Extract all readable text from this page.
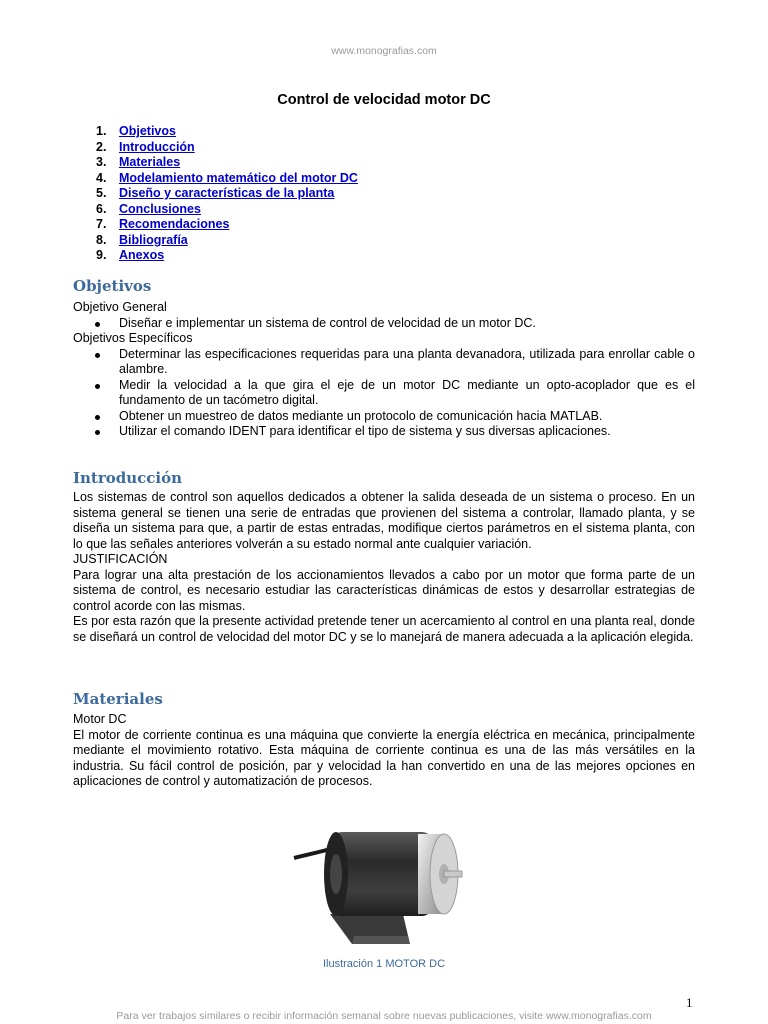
www.monografias.com
Control de velocidad motor DC
1.	Objetivos
2.	Introducción
3.	Materiales
4.	Modelamiento matemático del motor DC
5.	Diseño y características de la planta
6.	Conclusiones
7.	Recomendaciones
8.	Bibliografía
9.	Anexos
Objetivos

Objetivo General

Diseñar e implementar un sistema de control de velocidad de un motor DC.

Objetivos Específicos

Determinar las especificaciones requeridas para una planta devanadora, utilizada para enrollar cable o alambre.
Medir la velocidad a la que gira el eje de un motor DC mediante un opto-acoplador que es el fundamento de un tacómetro digital.
Obtener un muestreo de datos mediante un protocolo de comunicación hacia MATLAB.
Utilizar el comando IDENT para identificar el tipo de sistema y sus diversas aplicaciones.
Introducción

Los sistemas de control son aquellos dedicados a obtener la salida deseada de un sistema o proceso. En un sistema general se tienen una serie de entradas que provienen del sistema a controlar, llamado planta, y se diseña un sistema para que, a partir de estas entradas, modifique ciertos parámetros en el sistema planta, con lo que las señales anteriores volverán a su estado normal ante cualquier variación.

JUSTIFICACIÓN

Para lograr una alta prestación de los accionamientos llevados a cabo por un motor que forma parte de un sistema de control, es necesario estudiar las características dinámicas de estos y desarrollar estrategias de control acorde con las mismas.

Es por esta razón que la presente actividad pretende tener un acercamiento al control en una planta real, donde se diseñará un control de velocidad del motor DC y se lo manejará de manera adecuada a la aplicación elegida.

Materiales

Motor DC

El motor de corriente continua es una máquina que convierte la energía eléctrica en mecánica, principalmente mediante el movimiento rotativo. Esta máquina de corriente continua es una de las más versátiles en la industria. Su fácil control de posición, par y velocidad la han convertido en una de las mejores opciones en aplicaciones de control y automatización de procesos.

Ilustración 1 MOTOR DC
1
Para ver trabajos similares o recibir información semanal sobre nuevas publicaciones, visite www.monografias.com
